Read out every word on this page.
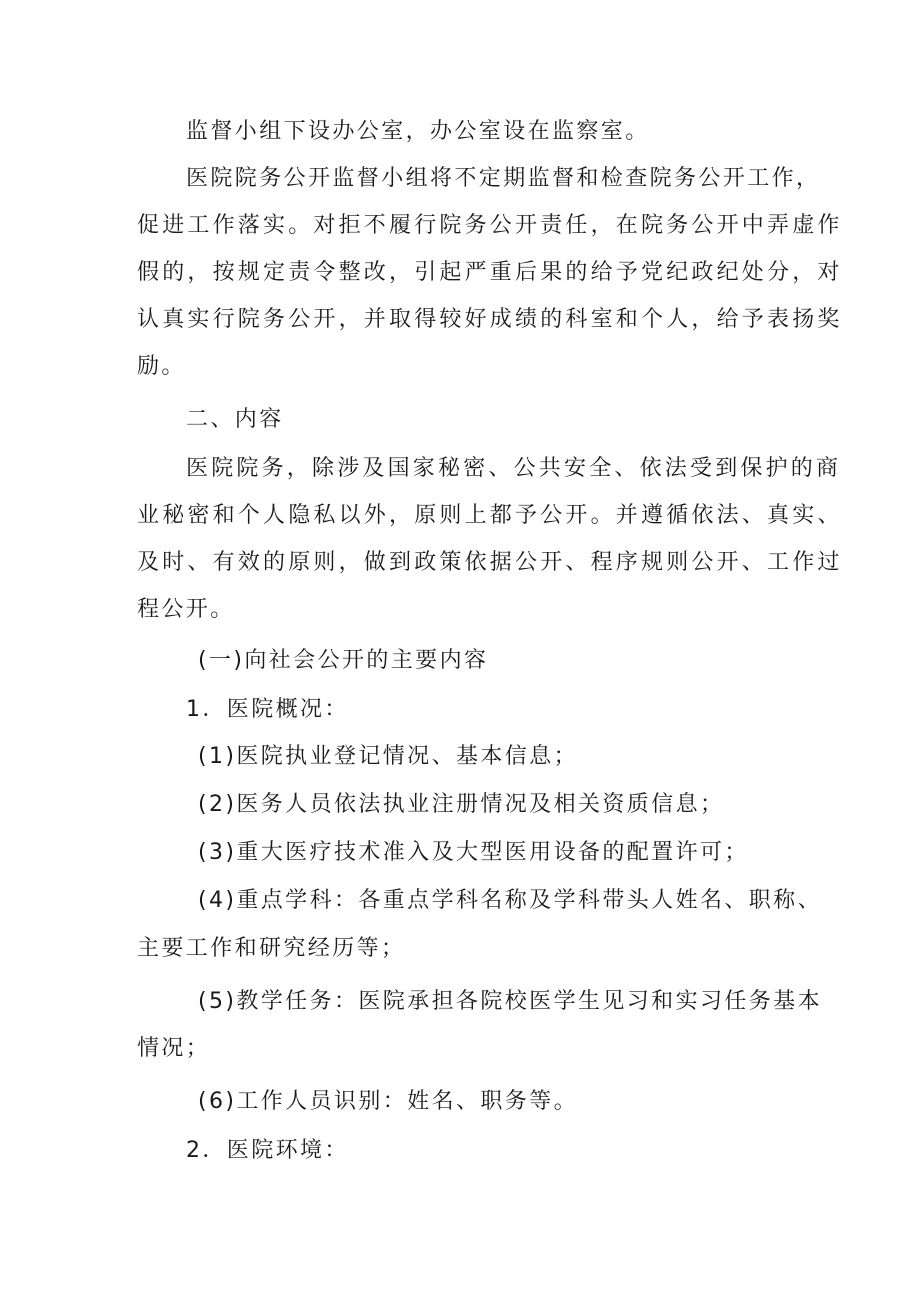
监督小组下设办公室，办公室设在监察室。
医院院务公开监督小组将不定期监督和检查院务公开工作，
促进工作落实。对拒不履行院务公开责任，在院务公开中弄虚作
假的，按规定责令整改，引起严重后果的给予党纪政纪处分，对
认真实行院务公开，并取得较好成绩的科室和个人，给予表扬奖
励。
二、内容
医院院务，除涉及国家秘密、公共安全、依法受到保护的商
业秘密和个人隐私以外，原则上都予公开。并遵循依法、真实、
及时、有效的原则，做到政策依据公开、程序规则公开、工作过
程公开。
(一)向社会公开的主要内容
1．医院概况：
(1)医院执业登记情况、基本信息；
(2)医务人员依法执业注册情况及相关资质信息；
(3)重大医疗技术准入及大型医用设备的配置许可；
(4)重点学科：各重点学科名称及学科带头人姓名、职称、
主要工作和研究经历等；
(5)教学任务：医院承担各院校医学生见习和实习任务基本
情况；
(6)工作人员识别：姓名、职务等。
2．医院环境：
